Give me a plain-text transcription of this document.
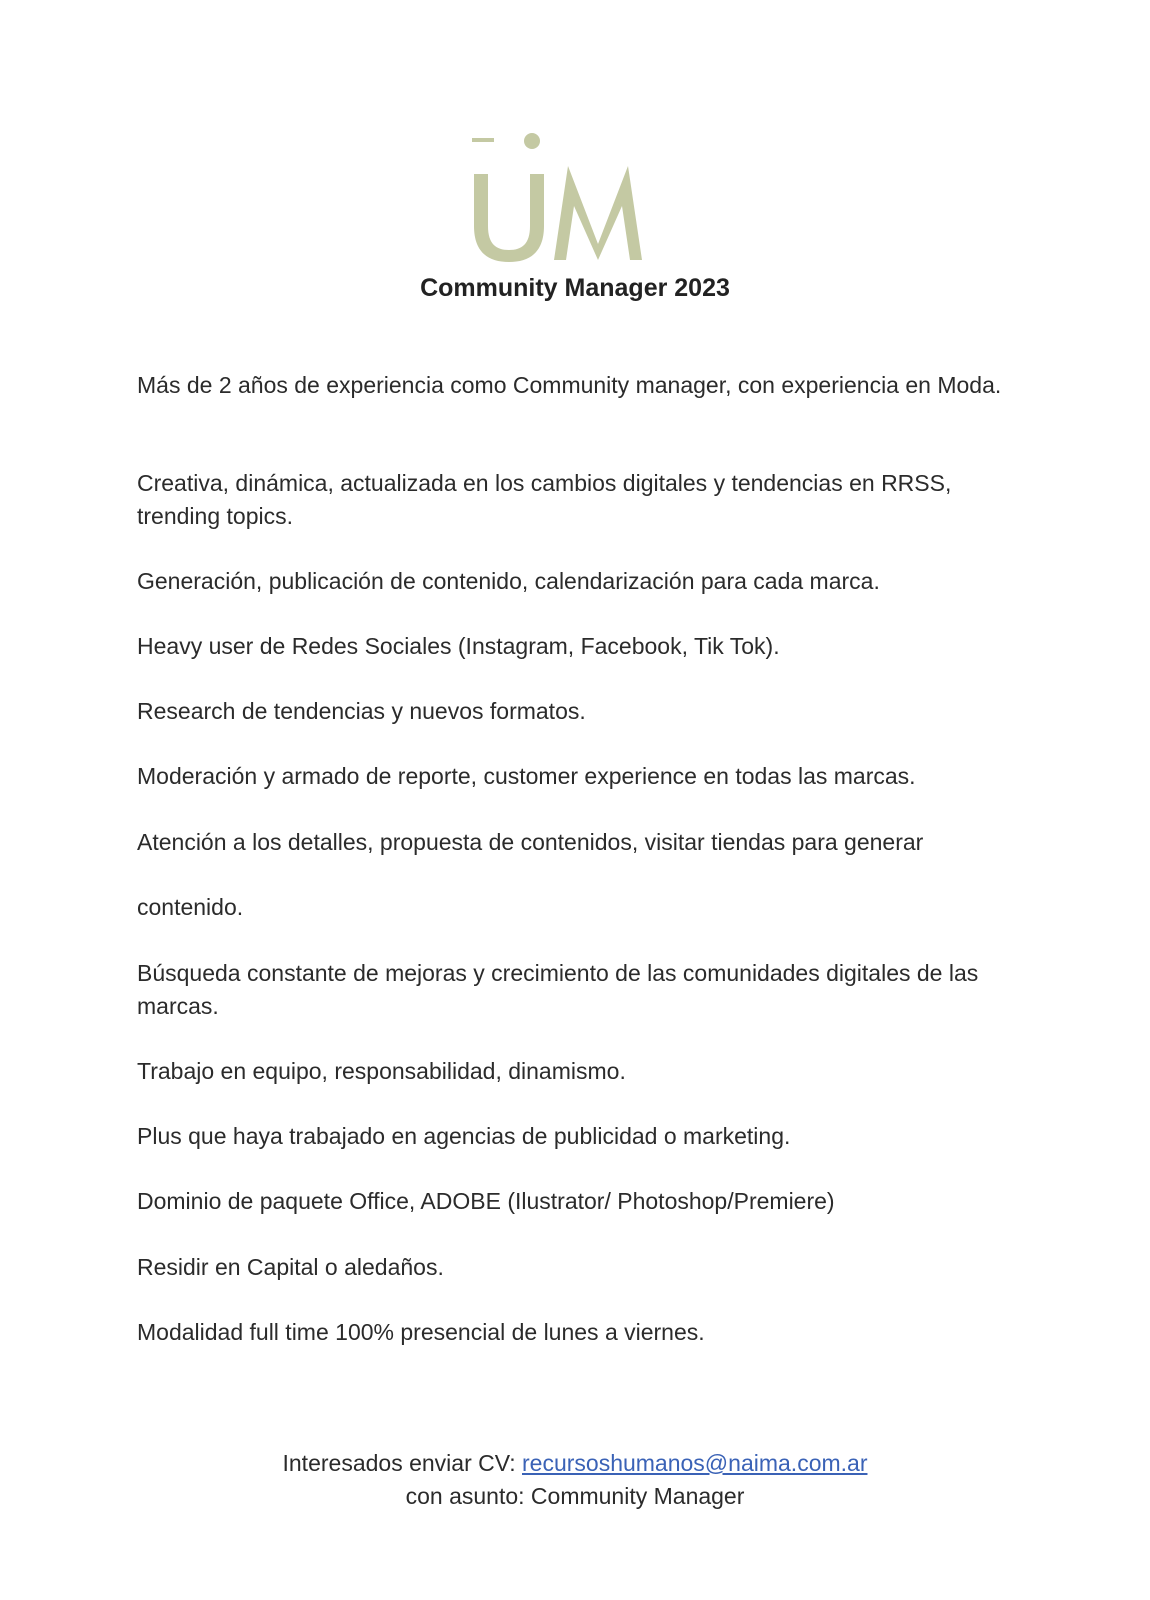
Community Manager 2023

Más de 2 años de experiencia como Community manager, con experiencia en Moda.

Creativa, dinámica, actualizada en los cambios digitales y tendencias en RRSS, trending topics.

Generación, publicación de contenido, calendarización para cada marca.

Heavy user de Redes Sociales (Instagram, Facebook, Tik Tok).

Research de tendencias y nuevos formatos.

Moderación y armado de reporte, customer experience en todas las marcas.

Atención a los detalles, propuesta de contenidos, visitar tiendas para generar

contenido.

Búsqueda constante de mejoras y crecimiento de las comunidades digitales de las marcas.

Trabajo en equipo, responsabilidad, dinamismo.

Plus que haya trabajado en agencias de publicidad o marketing.

Dominio de paquete Office, ADOBE (Ilustrator/ Photoshop/Premiere)

Residir en Capital o aledaños.

Modalidad full time 100% presencial de lunes a viernes.

Interesados enviar CV: recursoshumanos@naima.com.ar

con asunto: Community Manager
